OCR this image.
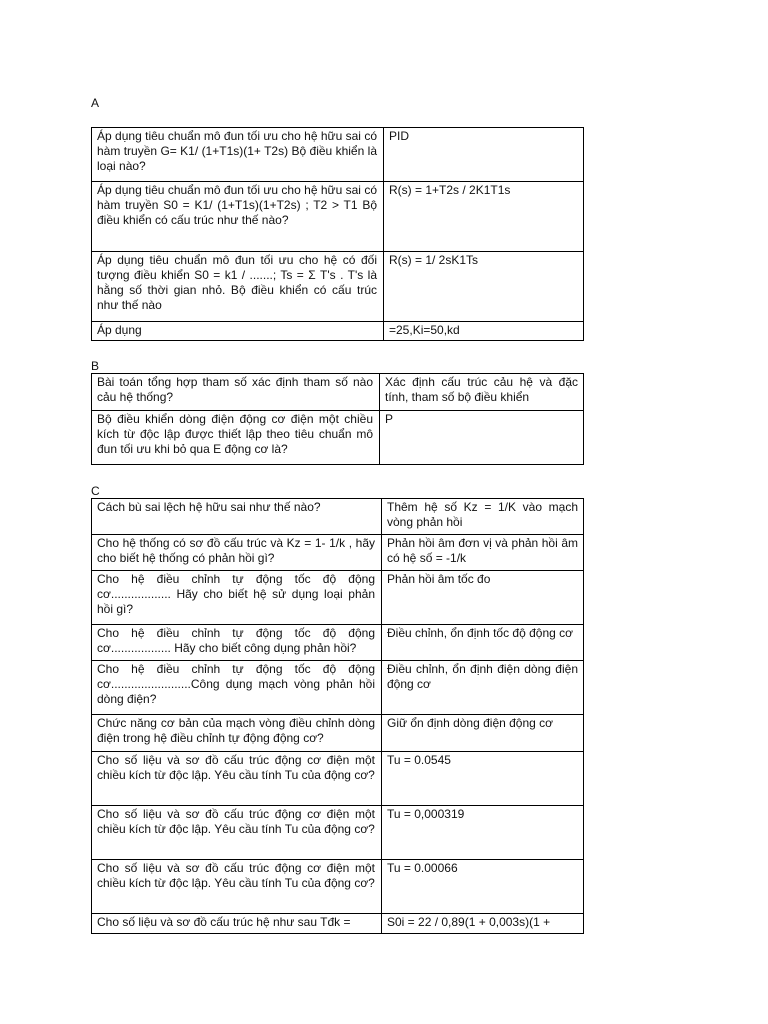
A
Áp dụng tiêu chuẩn mô đun tối ưu cho hệ hữu sai có hàm truyền G= K1/ (1+T1s)(1+ T2s) Bộ điều khiển là loại nào?	PID
Áp dụng tiêu chuẩn mô đun tối ưu cho hệ hữu sai có hàm truyền S0 = K1/ (1+T1s)(1+T2s) ; T2 > T1 Bộ điều khiển có cấu trúc như thế nào?	R(s) = 1+T2s / 2K1T1s
Áp dụng tiêu chuẩn mô đun tối ưu cho hệ có đối tượng điều khiển S0 = k1 / .......; Ts = Σ T's . T's là hằng số thời gian nhỏ. Bộ điều khiển có cấu trúc như thế nào	R(s) = 1/ 2sK1Ts
Áp dụng	=25,Ki=50,kd
B
Bài toán tổng hợp tham số xác định tham số nào cảu hệ thống?	Xác định cấu trúc cảu hệ và đặc tính, tham số bộ điều khiển
Bộ điều khiển dòng điện động cơ điện một chiều kích từ độc lập được thiết lập theo tiêu chuẩn mô đun tối ưu khi bỏ qua E động cơ là?	P
C
Cách bù sai lệch hệ hữu sai như thế nào?	Thêm hệ số Kz = 1/K vào mạch vòng phản hồi
Cho hệ thống có sơ đồ cấu trúc và Kz = 1- 1/k , hãy cho biết hệ thống có phản hồi gì?	Phản hồi âm đơn vị và phản hồi âm có hệ số = -1/k
Cho hệ điều chỉnh tự động tốc độ động cơ.................. Hãy cho biết hệ sử dụng loại phản hồi gì?	Phản hồi âm tốc đo
Cho hệ điều chỉnh tự động tốc độ động cơ.................. Hãy cho biết công dụng phản hồi?	Điều chỉnh, ổn định tốc độ động cơ
Cho hệ điều chỉnh tự động tốc độ động cơ........................Công dụng mạch vòng phản hồi dòng điện?	Điều chỉnh, ổn định điện dòng điện động cơ
Chức năng cơ bản của mạch vòng điều chỉnh dòng điện trong hệ điều chỉnh tự động động cơ?	Giữ ổn định dòng điện động cơ
Cho số liệu và sơ đồ cấu trúc động cơ điện một chiều kích từ độc lập. Yêu cầu tính Tu của động cơ?	Tu = 0.0545
Cho số liệu và sơ đồ cấu trúc động cơ điện một chiều kích từ độc lập. Yêu cầu tính Tu của động cơ?	Tu = 0,000319
Cho số liệu và sơ đồ cấu trúc động cơ điện một chiều kích từ độc lập. Yêu cầu tính Tu của động cơ?	Tu = 0.00066

Cho số liệu và sơ đồ cấu trúc hệ như sau Tđk =	S0i = 22 / 0,89(1 + 0,003s)(1 +
